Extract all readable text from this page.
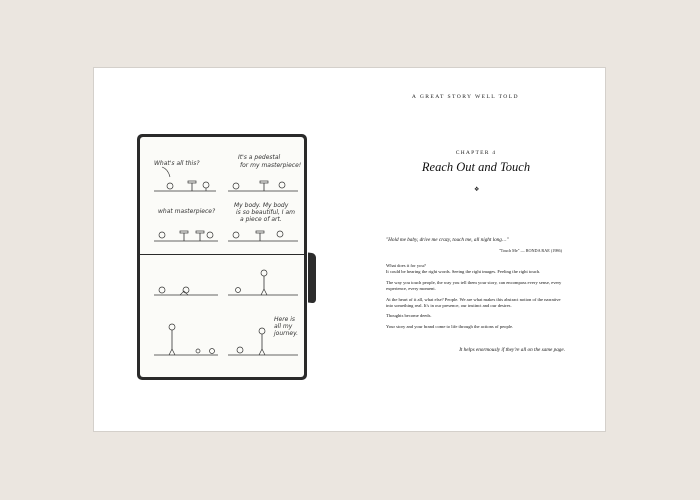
A GREAT STORY WELL TOLD
What's all this?
It's a pedestal
for my masterpiece!
what masterpiece?
My body. My body
is so beautiful, I am
a piece of art.
Here is
all my
journey.
CHAPTER 4
Reach Out and Touch
❖
"Hold me baby, drive me crazy, touch me, all night long…"
"Touch Me" — RONDA RAE (1986)

What does it for you?
It could be hearing the right words. Seeing the right images. Feeling the right touch.

The way you touch people, the way you tell them your story, can encompass every sense, every experience, every moment.

At the heart of it all, what else? People. We are what makes this abstract notion of the narrative into something real. It's in our presence, our instinct and our desires.

Thoughts become deeds.

Your story and your brand come to life through the actions of people.

It helps enormously if they're all on the same page.
